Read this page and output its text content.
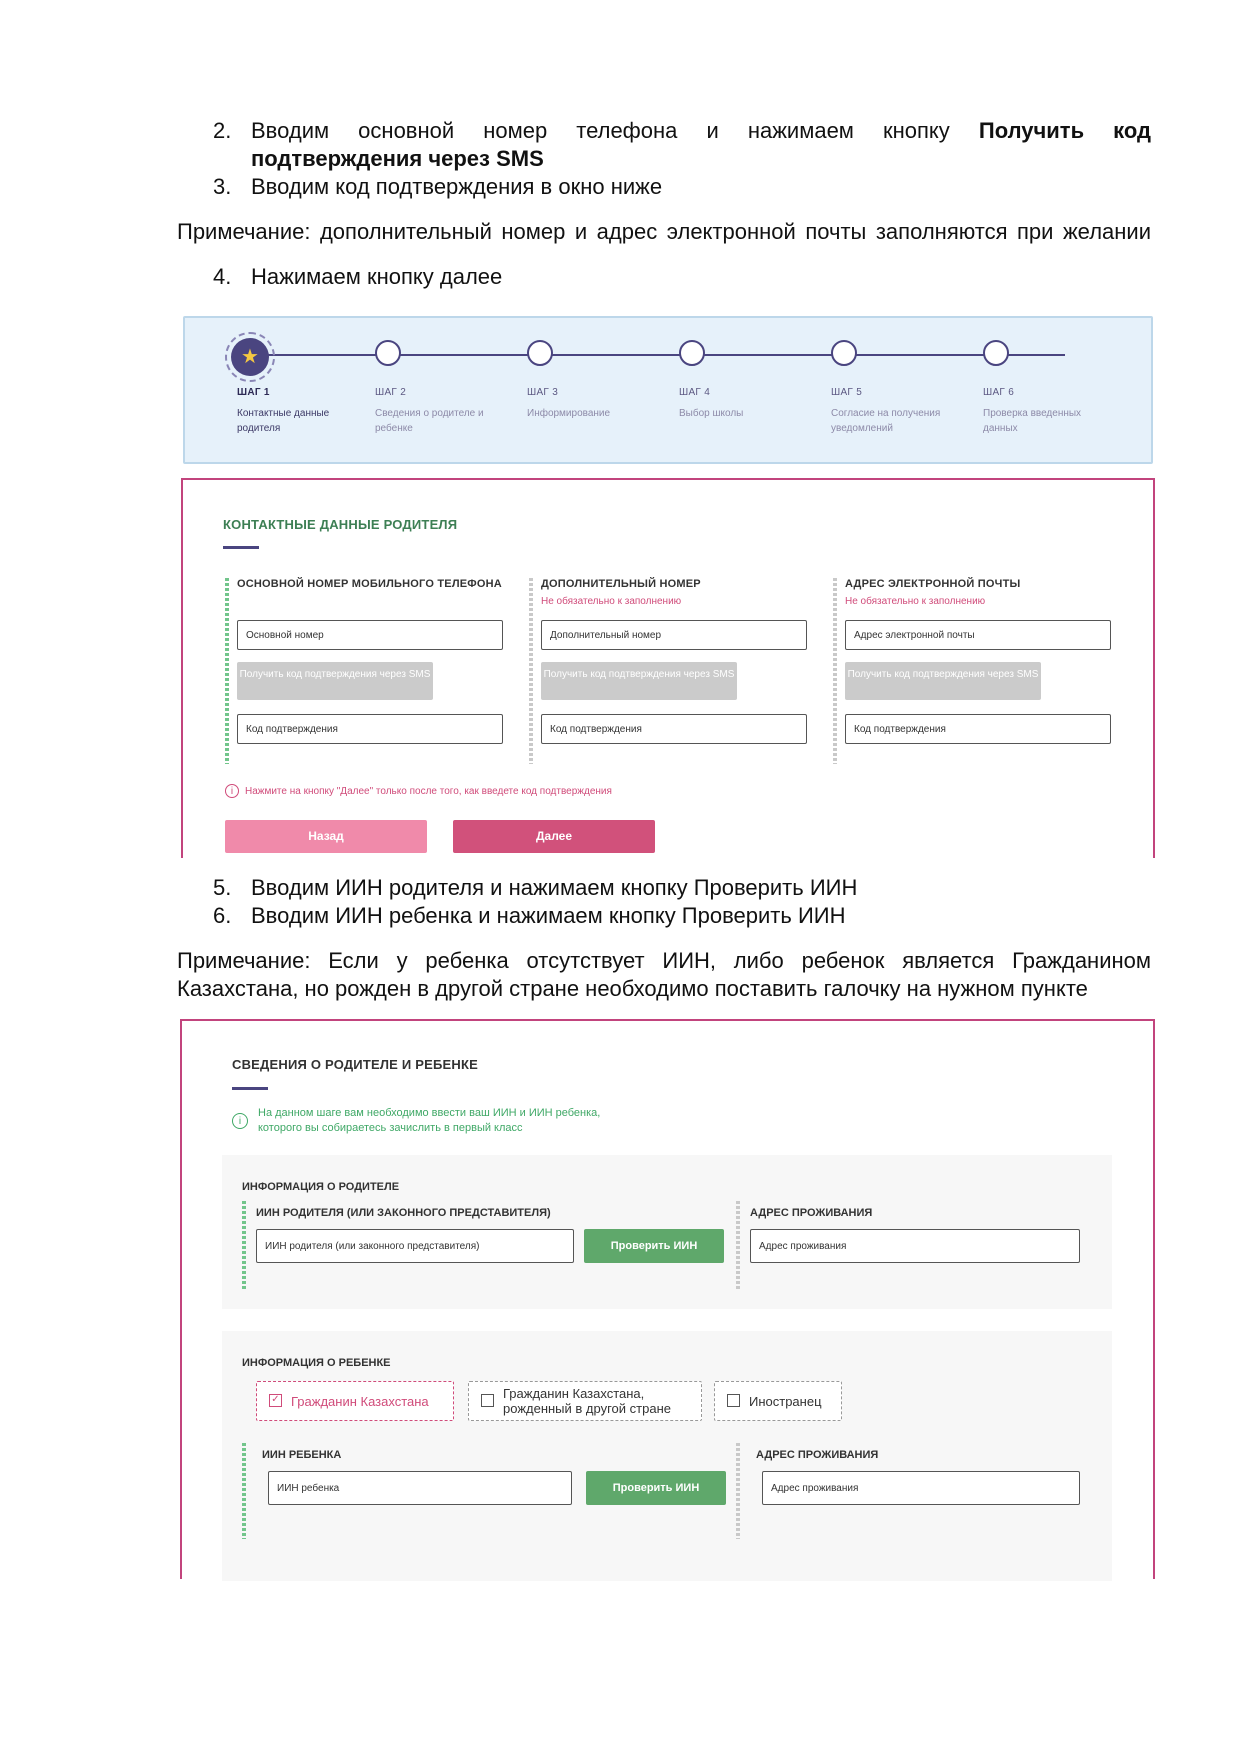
2. Вводим основной номер телефона и нажимаем кнопку Получить код
подтверждения через SMS
3. Вводим код подтверждения в окно ниже
Примечание: дополнительный номер и адрес электронной почты заполняются при желании
4. Нажимаем кнопку далее
★
ШАГ 1
Контактные данные родителя
ШАГ 2
Сведения о родителе и ребенке
ШАГ 3
Информирование
ШАГ 4
Выбор школы
ШАГ 5
Согласие на получения уведомлений
ШАГ 6
Проверка введенных данных
КОНТАКТНЫЕ ДАННЫЕ РОДИТЕЛЯ
ОСНОВНОЙ НОМЕР МОБИЛЬНОГО ТЕЛЕФОНА
Основной номер
Получить код подтверждения через SMS
Код подтверждения
ДОПОЛНИТЕЛЬНЫЙ НОМЕР
Не обязательно к заполнению
Дополнительный номер
Получить код подтверждения через SMS
Код подтверждения
АДРЕС ЭЛЕКТРОННОЙ ПОЧТЫ
Не обязательно к заполнению
Адрес электронной почты
Получить код подтверждения через SMS
Код подтверждения
i	Нажмите на кнопку "Далее" только после того, как введете код подтверждения
Назад	Далее
5. Вводим ИИН родителя и нажимаем кнопку Проверить ИИН
6. Вводим ИИН ребенка и нажимаем кнопку Проверить ИИН
Примечание: Если у ребенка отсутствует ИИН, либо ребенок является Гражданином
Казахстана, но рожден в другой стране необходимо поставить галочку на нужном пункте
СВЕДЕНИЯ О РОДИТЕЛЕ И РЕБЕНКЕ
i
На данном шаге вам необходимо ввести ваш ИИН и ИИН ребенка,
которого вы собираетесь зачислить в первый класс
ИНФОРМАЦИЯ О РОДИТЕЛЕ
ИИН РОДИТЕЛЯ (ИЛИ ЗАКОННОГО ПРЕДСТАВИТЕЛЯ)
ИИН родителя (или законного представителя)	Проверить ИИН
АДРЕС ПРОЖИВАНИЯ
Адрес проживания
ИНФОРМАЦИЯ О РЕБЕНКЕ
✓ Гражданин Казахстана
Гражданин Казахстана,
рожденный в другой стране	Иностранец
ИИН РЕБЕНКА
ИИН ребенка	Проверить ИИН
АДРЕС ПРОЖИВАНИЯ
Адрес проживания
